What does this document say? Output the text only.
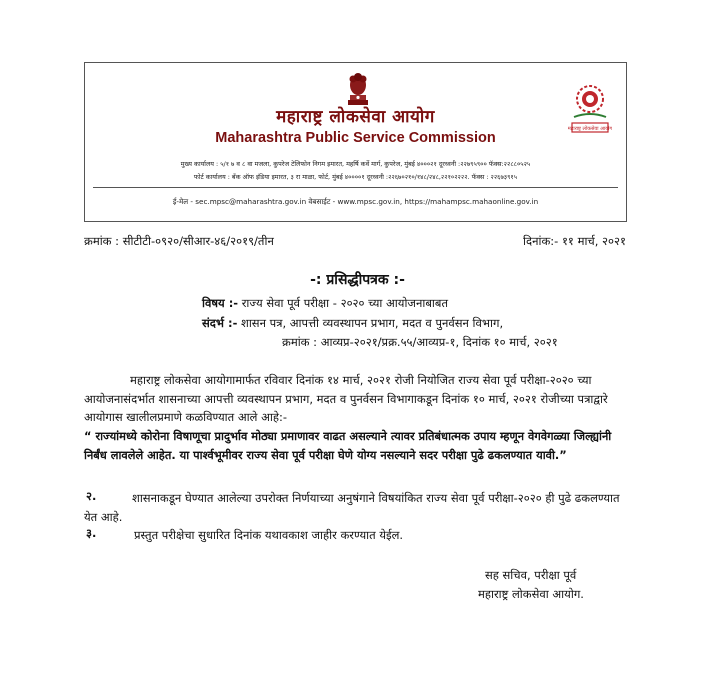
महाराष्ट्र लोकसेवा आयोग
Maharashtra Public Service Commission
महाराष्ट्र लोकसेवा आयोग
मुख्य कार्यालय : ५/१ ७ व ८ वा मजला, कुपरेज टेलिफोन निगम इमारत, महर्षि कर्वे मार्ग, कुपरेज, मुंबई ४०००२१ दूरध्वनी :२२७९५९०० फॅक्स:२२८८०५२५
फोर्ट कार्यालय : बँक ऑफ इंडिया इमारत, ३ रा माळा, फोर्ट, मुंबई ४००००१ दूरध्वनी :२२६७०२१०/१४८/२४८,२२१०२२२२. फॅक्स : २२६७३९१५
ई-मेल - sec.mpsc@maharashtra.gov.in वेबसाईट - www.mpsc.gov.in, https://mahampsc.mahaonline.gov.in
क्रमांक : सीटीटी-०९२०/सीआर-४६/२०१९/तीन	दिनांक:- ११ मार्च, २०२१
-: प्रसिद्धीपत्रक :-
विषय :- राज्य सेवा पूर्व परीक्षा - २०२० च्या आयोजनाबाबत
संदर्भ :- शासन पत्र, आपत्ती व्यवस्थापन प्रभाग, मदत व पुनर्वसन विभाग,
क्रमांक : आव्यप्र-२०२१/प्रक्र.५५/आव्यप्र-१, दिनांक १० मार्च, २०२१
महाराष्ट्र लोकसेवा आयोगामार्फत रविवार दिनांक १४ मार्च, २०२१ रोजी नियोजित राज्य सेवा पूर्व परीक्षा-२०२० च्या आयोजनासंदर्भात शासनाच्या आपत्ती व्यवस्थापन प्रभाग, मदत व पुनर्वसन विभागाकडून दिनांक १० मार्च, २०२१ रोजीच्या पत्राद्वारे आयोगास खालीलप्रमाणे कळविण्यात आले आहे:-
“ राज्यांमध्ये कोरोना विषाणूचा प्रादुर्भाव मोठ्या प्रमाणावर वाढत असल्याने त्यावर प्रतिबंधात्मक उपाय म्हणून वेगवेगळ्या जिल्ह्यांनी निर्बंध लावलेले आहेत. या पार्श्वभूमीवर राज्य सेवा पूर्व परीक्षा घेणे योग्य नसल्याने सदर परीक्षा पुढे ढकलण्यात यावी.”
२.	शासनाकडून घेण्यात आलेल्या उपरोक्त निर्णयाच्या अनुषंगाने विषयांकित राज्य सेवा पूर्व परीक्षा-२०२० ही पुढे ढकलण्यात येत आहे.
३.	प्रस्तुत परीक्षेचा सुधारित दिनांक यथावकाश जाहीर करण्यात येईल.
सह सचिव, परीक्षा पूर्व
महाराष्ट्र लोकसेवा आयोग.
